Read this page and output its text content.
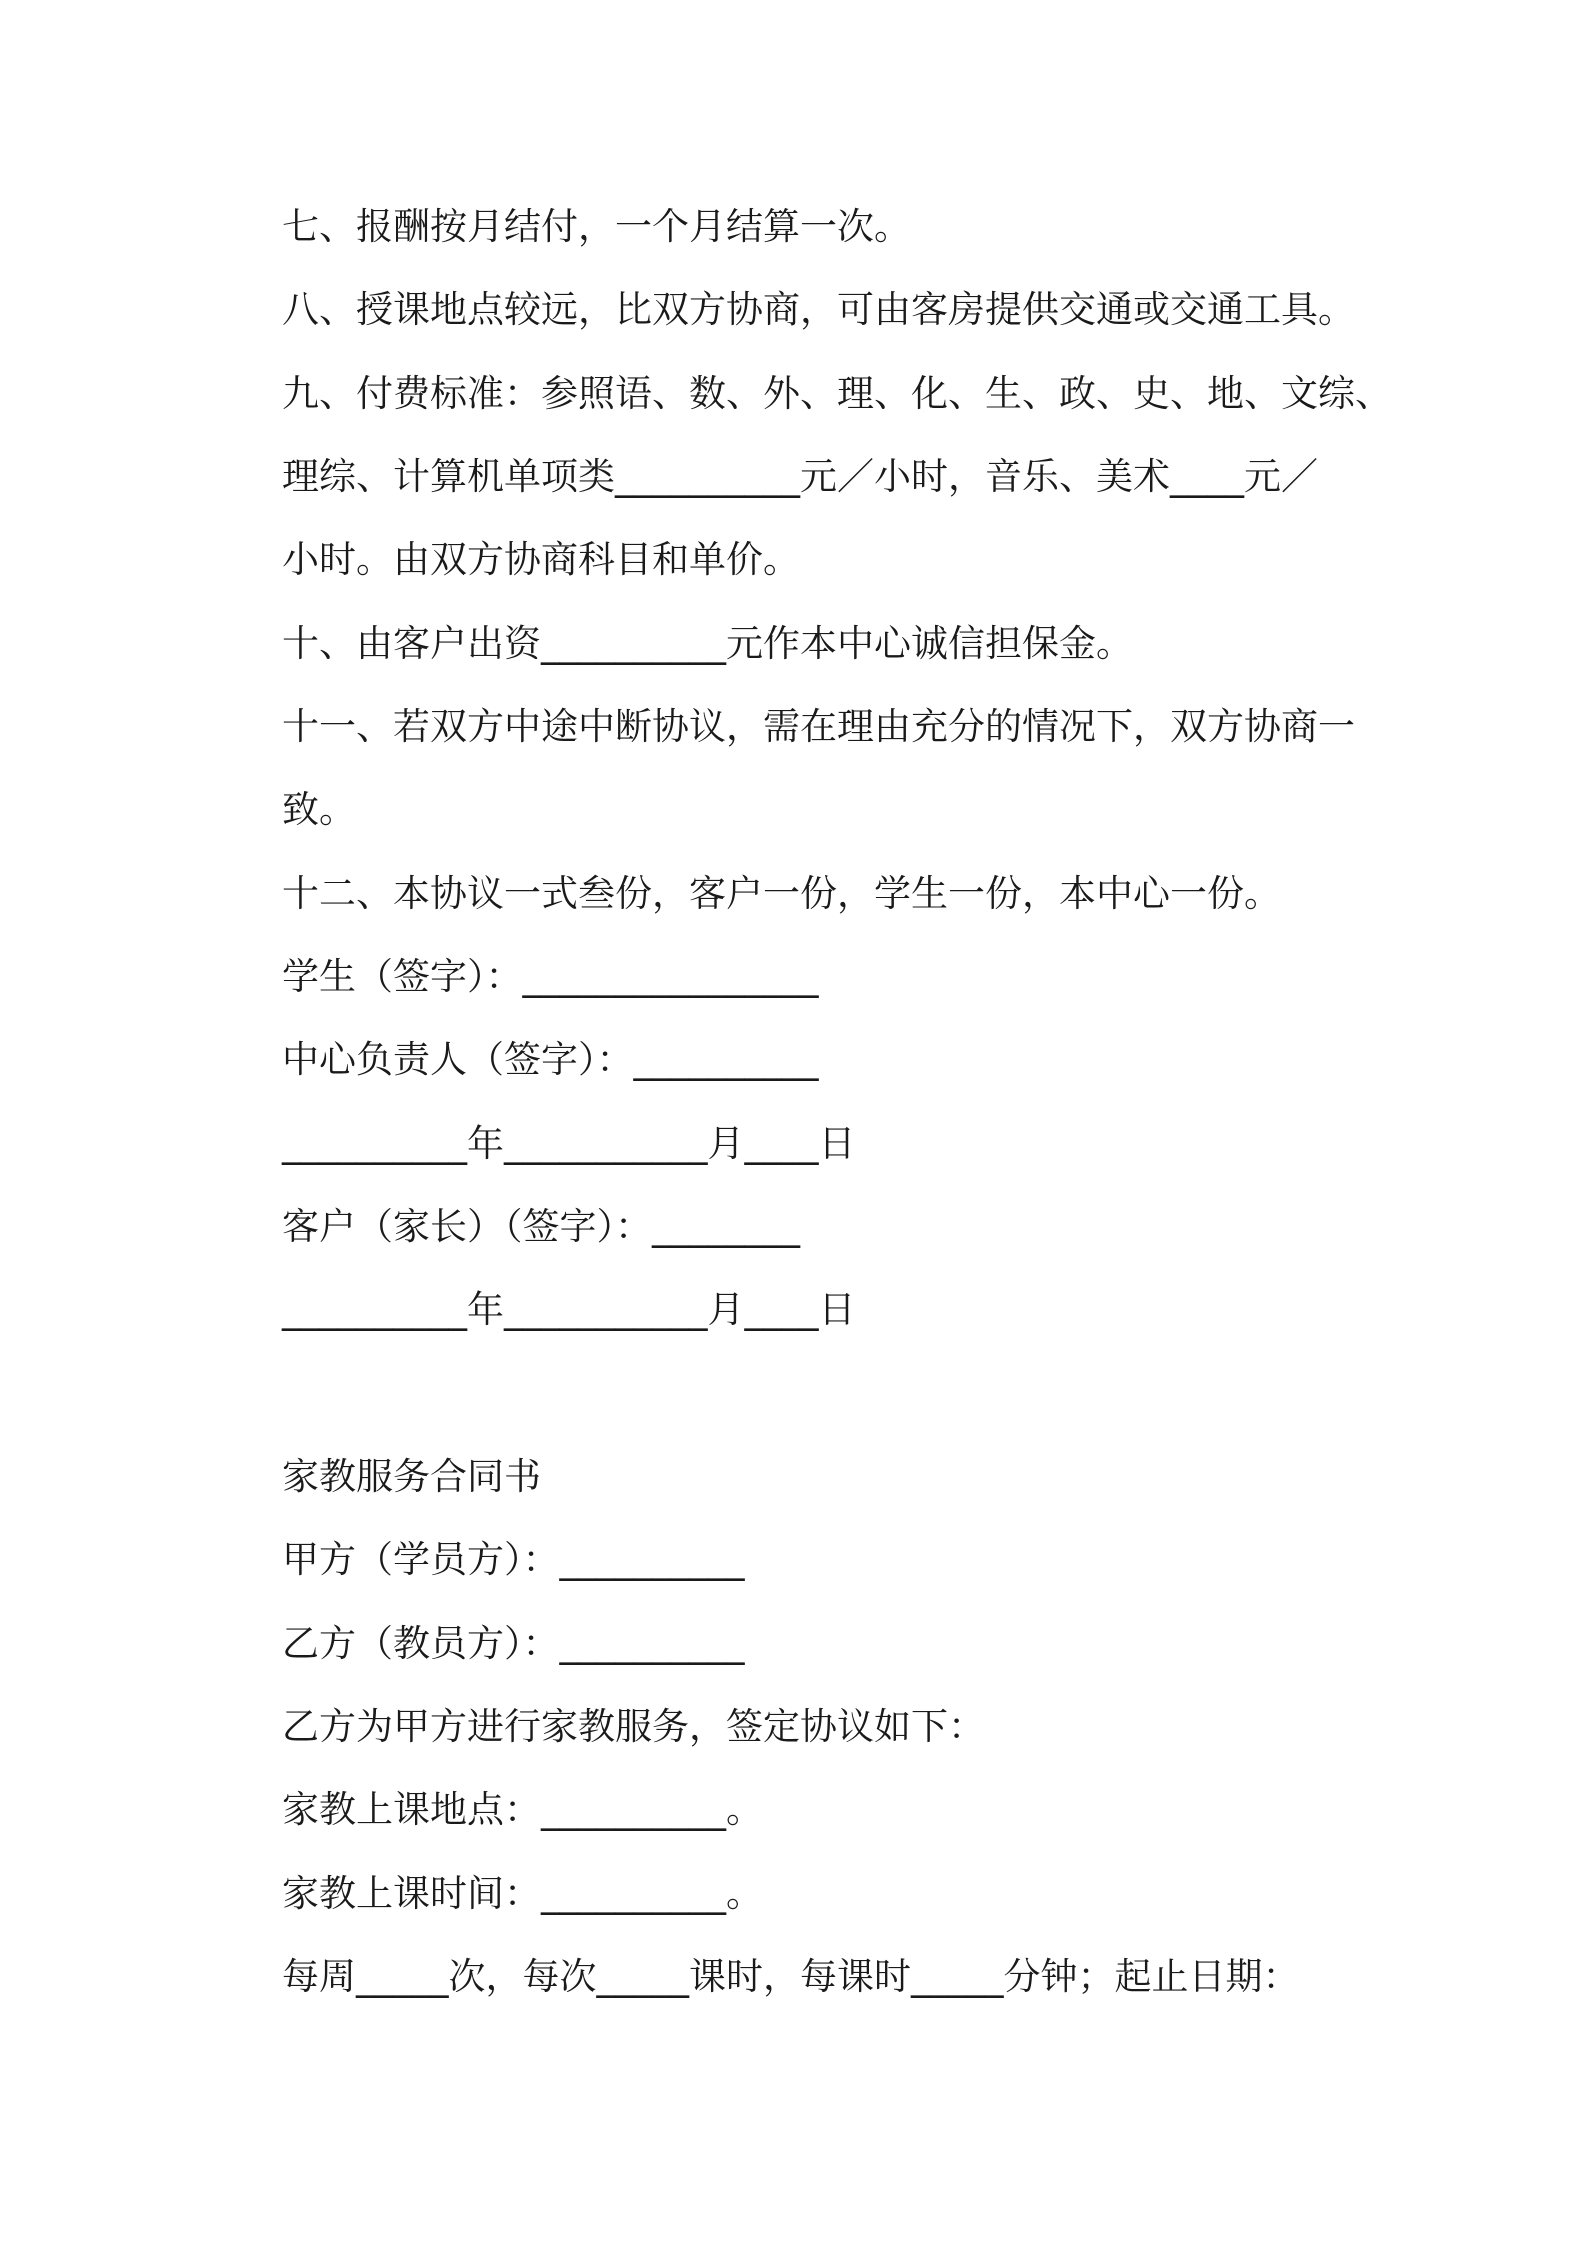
七、报酬按月结付，一个月结算一次。
八、授课地点较远，比双方协商，可由客房提供交通或交通工具。
九、付费标准：参照语、数、外、理、化、生、政、史、地、文综、
理综、计算机单项类__________元／小时，音乐、美术____元／
小时。由双方协商科目和单价。
十、由客户出资__________元作本中心诚信担保金。
十一、若双方中途中断协议，需在理由充分的情况下，双方协商一
致。
十二、本协议一式叁份，客户一份，学生一份，本中心一份。
学生（签字）：________________
中心负责人（签字）：__________
__________年___________月____日
客户（家长）（签字）：________
__________年___________月____日
家教服务合同书
甲方（学员方）：__________
乙方（教员方）：__________
乙方为甲方进行家教服务，签定协议如下：
家教上课地点：__________。
家教上课时间：__________。
每周_____次，每次_____课时，每课时_____分钟；起止日期：
